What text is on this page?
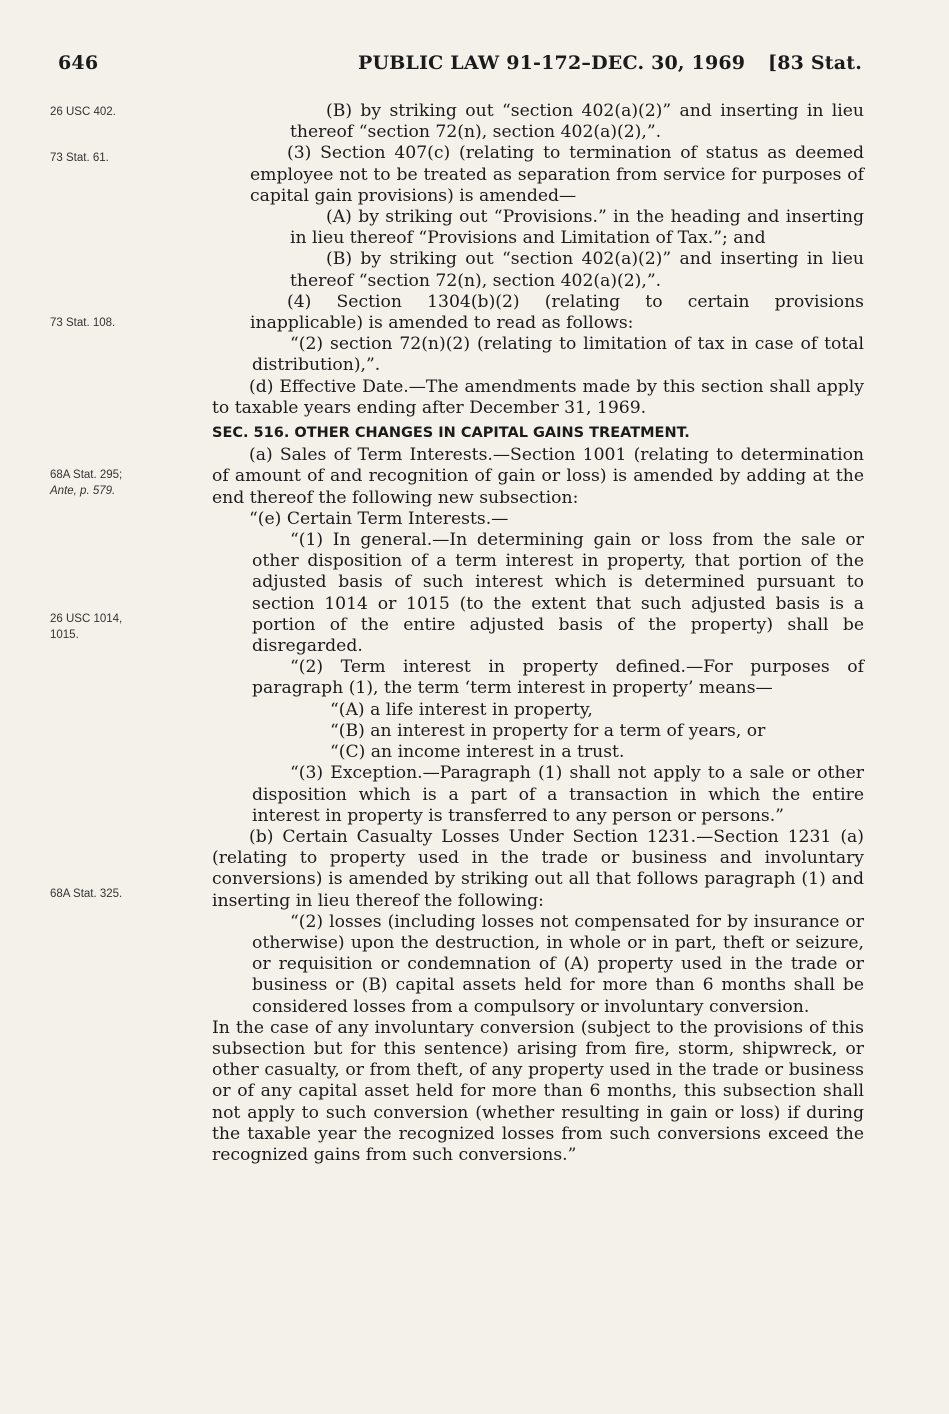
646	PUBLIC LAW 91-172–DEC. 30, 1969 [83 Stat.
26 USC 402.
73 Stat. 61.
73 Stat. 108.
68A Stat. 295;
Ante, p. 579.
26 USC 1014,
1015.
68A Stat. 325.

(B) by striking out “section 402(a)(2)” and inserting in lieu thereof “section 72(n), section 402(a)(2),”.

(3) Section 407(c) (relating to termination of status as deemed employee not to be treated as separation from service for purposes of capital gain provisions) is amended—

(A) by striking out “Provisions.” in the heading and inserting in lieu thereof “Provisions and Limitation of Tax.”; and

(B) by striking out “section 402(a)(2)” and inserting in lieu thereof “section 72(n), section 402(a)(2),”.

(4) Section 1304(b)(2) (relating to certain provisions inapplicable) is amended to read as follows:

“(2) section 72(n)(2) (relating to limitation of tax in case of total distribution),”.

(d) Effective Date.—The amendments made by this section shall apply to taxable years ending after December 31, 1969.

SEC. 516. OTHER CHANGES IN CAPITAL GAINS TREATMENT.

(a) Sales of Term Interests.—Section 1001 (relating to determination of amount of and recognition of gain or loss) is amended by adding at the end thereof the following new subsection:

“(e) Certain Term Interests.—

“(1) In general.—In determining gain or loss from the sale or other disposition of a term interest in property, that portion of the adjusted basis of such interest which is determined pursuant to section 1014 or 1015 (to the extent that such adjusted basis is a portion of the entire adjusted basis of the property) shall be disregarded.

“(2) Term interest in property defined.—For purposes of paragraph (1), the term ‘term interest in property’ means—

“(A) a life interest in property,

“(B) an interest in property for a term of years, or

“(C) an income interest in a trust.

“(3) Exception.—Paragraph (1) shall not apply to a sale or other disposition which is a part of a transaction in which the entire interest in property is transferred to any person or persons.”

(b) Certain Casualty Losses Under Section 1231.—Section 1231 (a) (relating to property used in the trade or business and involuntary conversions) is amended by striking out all that follows paragraph (1) and inserting in lieu thereof the following:

“(2) losses (including losses not compensated for by insurance or otherwise) upon the destruction, in whole or in part, theft or seizure, or requisition or condemnation of (A) property used in the trade or business or (B) capital assets held for more than 6 months shall be considered losses from a compulsory or involuntary conversion.

In the case of any involuntary conversion (subject to the provisions of this subsection but for this sentence) arising from fire, storm, shipwreck, or other casualty, or from theft, of any property used in the trade or business or of any capital asset held for more than 6 months, this subsection shall not apply to such conversion (whether resulting in gain or loss) if during the taxable year the recognized losses from such conversions exceed the recognized gains from such conversions.”
